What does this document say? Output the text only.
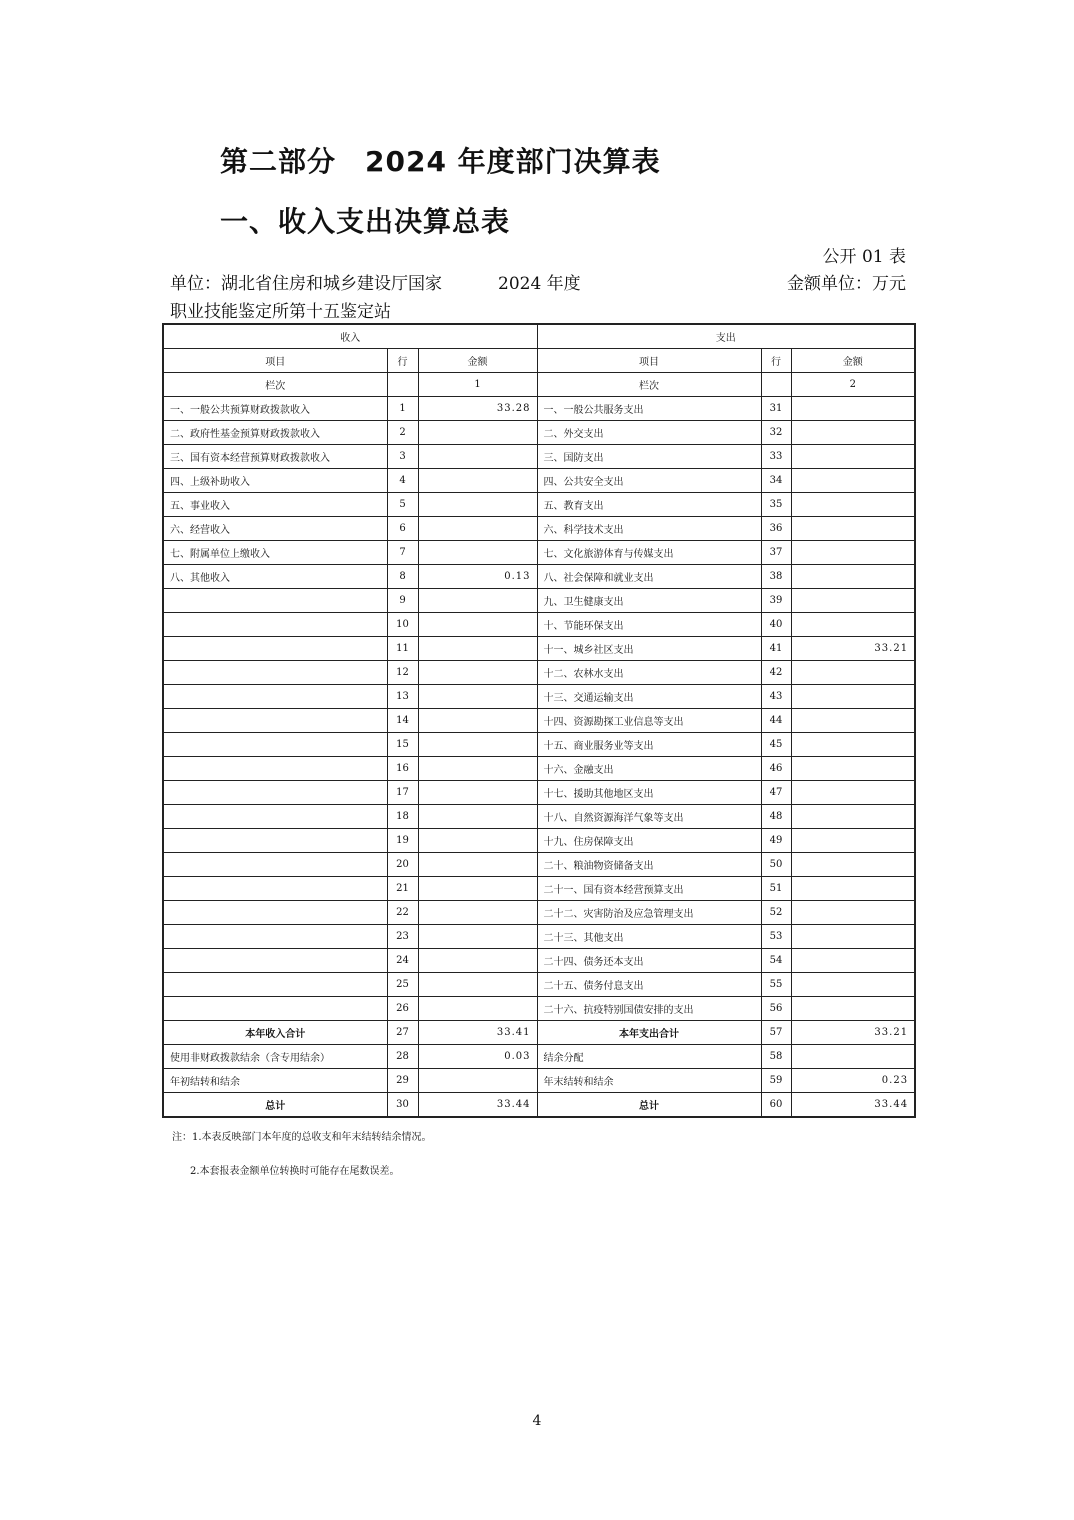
第二部分　2024 年度部门决算表
一、收入支出决算总表
公开 01 表
单位：湖北省住房和城乡建设厅国家职业技能鉴定所第十五鉴定站
2024 年度	金额单位：万元
收入			支出		
项目	行	金额	项目	行	金额
栏次		1	栏次		2
一、一般公共预算财政拨款收入	1	33.28	一、一般公共服务支出	31	
二、政府性基金预算财政拨款收入	2		二、外交支出	32	
三、国有资本经营预算财政拨款收入	3		三、国防支出	33	
四、上级补助收入	4		四、公共安全支出	34	
五、事业收入	5		五、教育支出	35	
六、经营收入	6		六、科学技术支出	36	
七、附属单位上缴收入	7		七、文化旅游体育与传媒支出	37	
八、其他收入	8	0.13	八、社会保障和就业支出	38	
	9		九、卫生健康支出	39	
	10		十、节能环保支出	40	
	11		十一、城乡社区支出	41	33.21
	12		十二、农林水支出	42	
	13		十三、交通运输支出	43	
	14		十四、资源勘探工业信息等支出	44	
	15		十五、商业服务业等支出	45	
	16		十六、金融支出	46	
	17		十七、援助其他地区支出	47	
	18		十八、自然资源海洋气象等支出	48	
	19		十九、住房保障支出	49	
	20		二十、粮油物资储备支出	50	
	21		二十一、国有资本经营预算支出	51	
	22		二十二、灾害防治及应急管理支出	52	
	23		二十三、其他支出	53	
	24		二十四、债务还本支出	54	
	25		二十五、债务付息支出	55	
	26		二十六、抗疫特别国债安排的支出	56	
本年收入合计	27	33.41	本年支出合计	57	33.21
使用非财政拨款结余（含专用结余）	28	0.03	结余分配	58	
年初结转和结余	29		年末结转和结余	59	0.23
总计	30	33.44	总计	60	33.44
注：1.本表反映部门本年度的总收支和年末结转结余情况。
2.本套报表金额单位转换时可能存在尾数误差。
4
